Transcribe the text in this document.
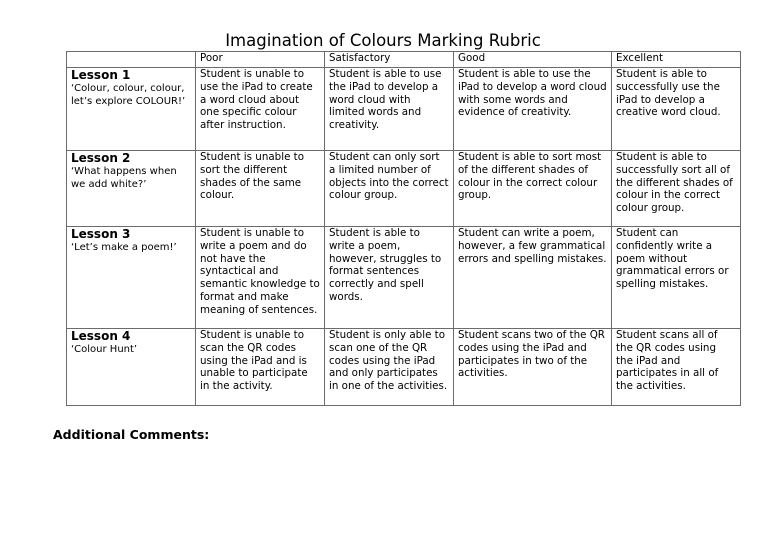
Imagination of Colours Marking Rubric
	Poor	Satisfactory	Good	Excellent

Lesson 1
‘Colour, colour, colour, let’s explore COLOUR!’	Student is unable to use the iPad to create a word cloud about one specific colour after instruction.	Student is able to use the iPad to develop a word cloud with limited words and creativity.	Student is able to use the iPad to develop a word cloud with some words and evidence of creativity.	Student is able to successfully use the iPad to develop a creative word cloud.

Lesson 2
‘What happens when we add white?’	Student is unable to sort the different shades of the same colour.	Student can only sort a limited number of objects into the correct colour group.	Student is able to sort most of the different shades of colour in the correct colour group.	Student is able to successfully sort all of the different shades of colour in the correct colour group.

Lesson 3
‘Let’s make a poem!’	Student is unable to write a poem and do not have the syntactical and semantic knowledge to format and make meaning of sentences.	Student is able to write a poem, however, struggles to format sentences correctly and spell words.	Student can write a poem, however, a few grammatical errors and spelling mistakes.	Student can confidently write a poem without grammatical errors or spelling mistakes.

Lesson 4
‘Colour Hunt’	Student is unable to scan the QR codes using the iPad and is unable to participate in the activity.	Student is only able to scan one of the QR codes using the iPad and only participates in one of the activities.	Student scans two of the QR codes using the iPad and participates in two of the activities.	Student scans all of the QR codes using the iPad and participates in all of the activities.

Additional Comments:
